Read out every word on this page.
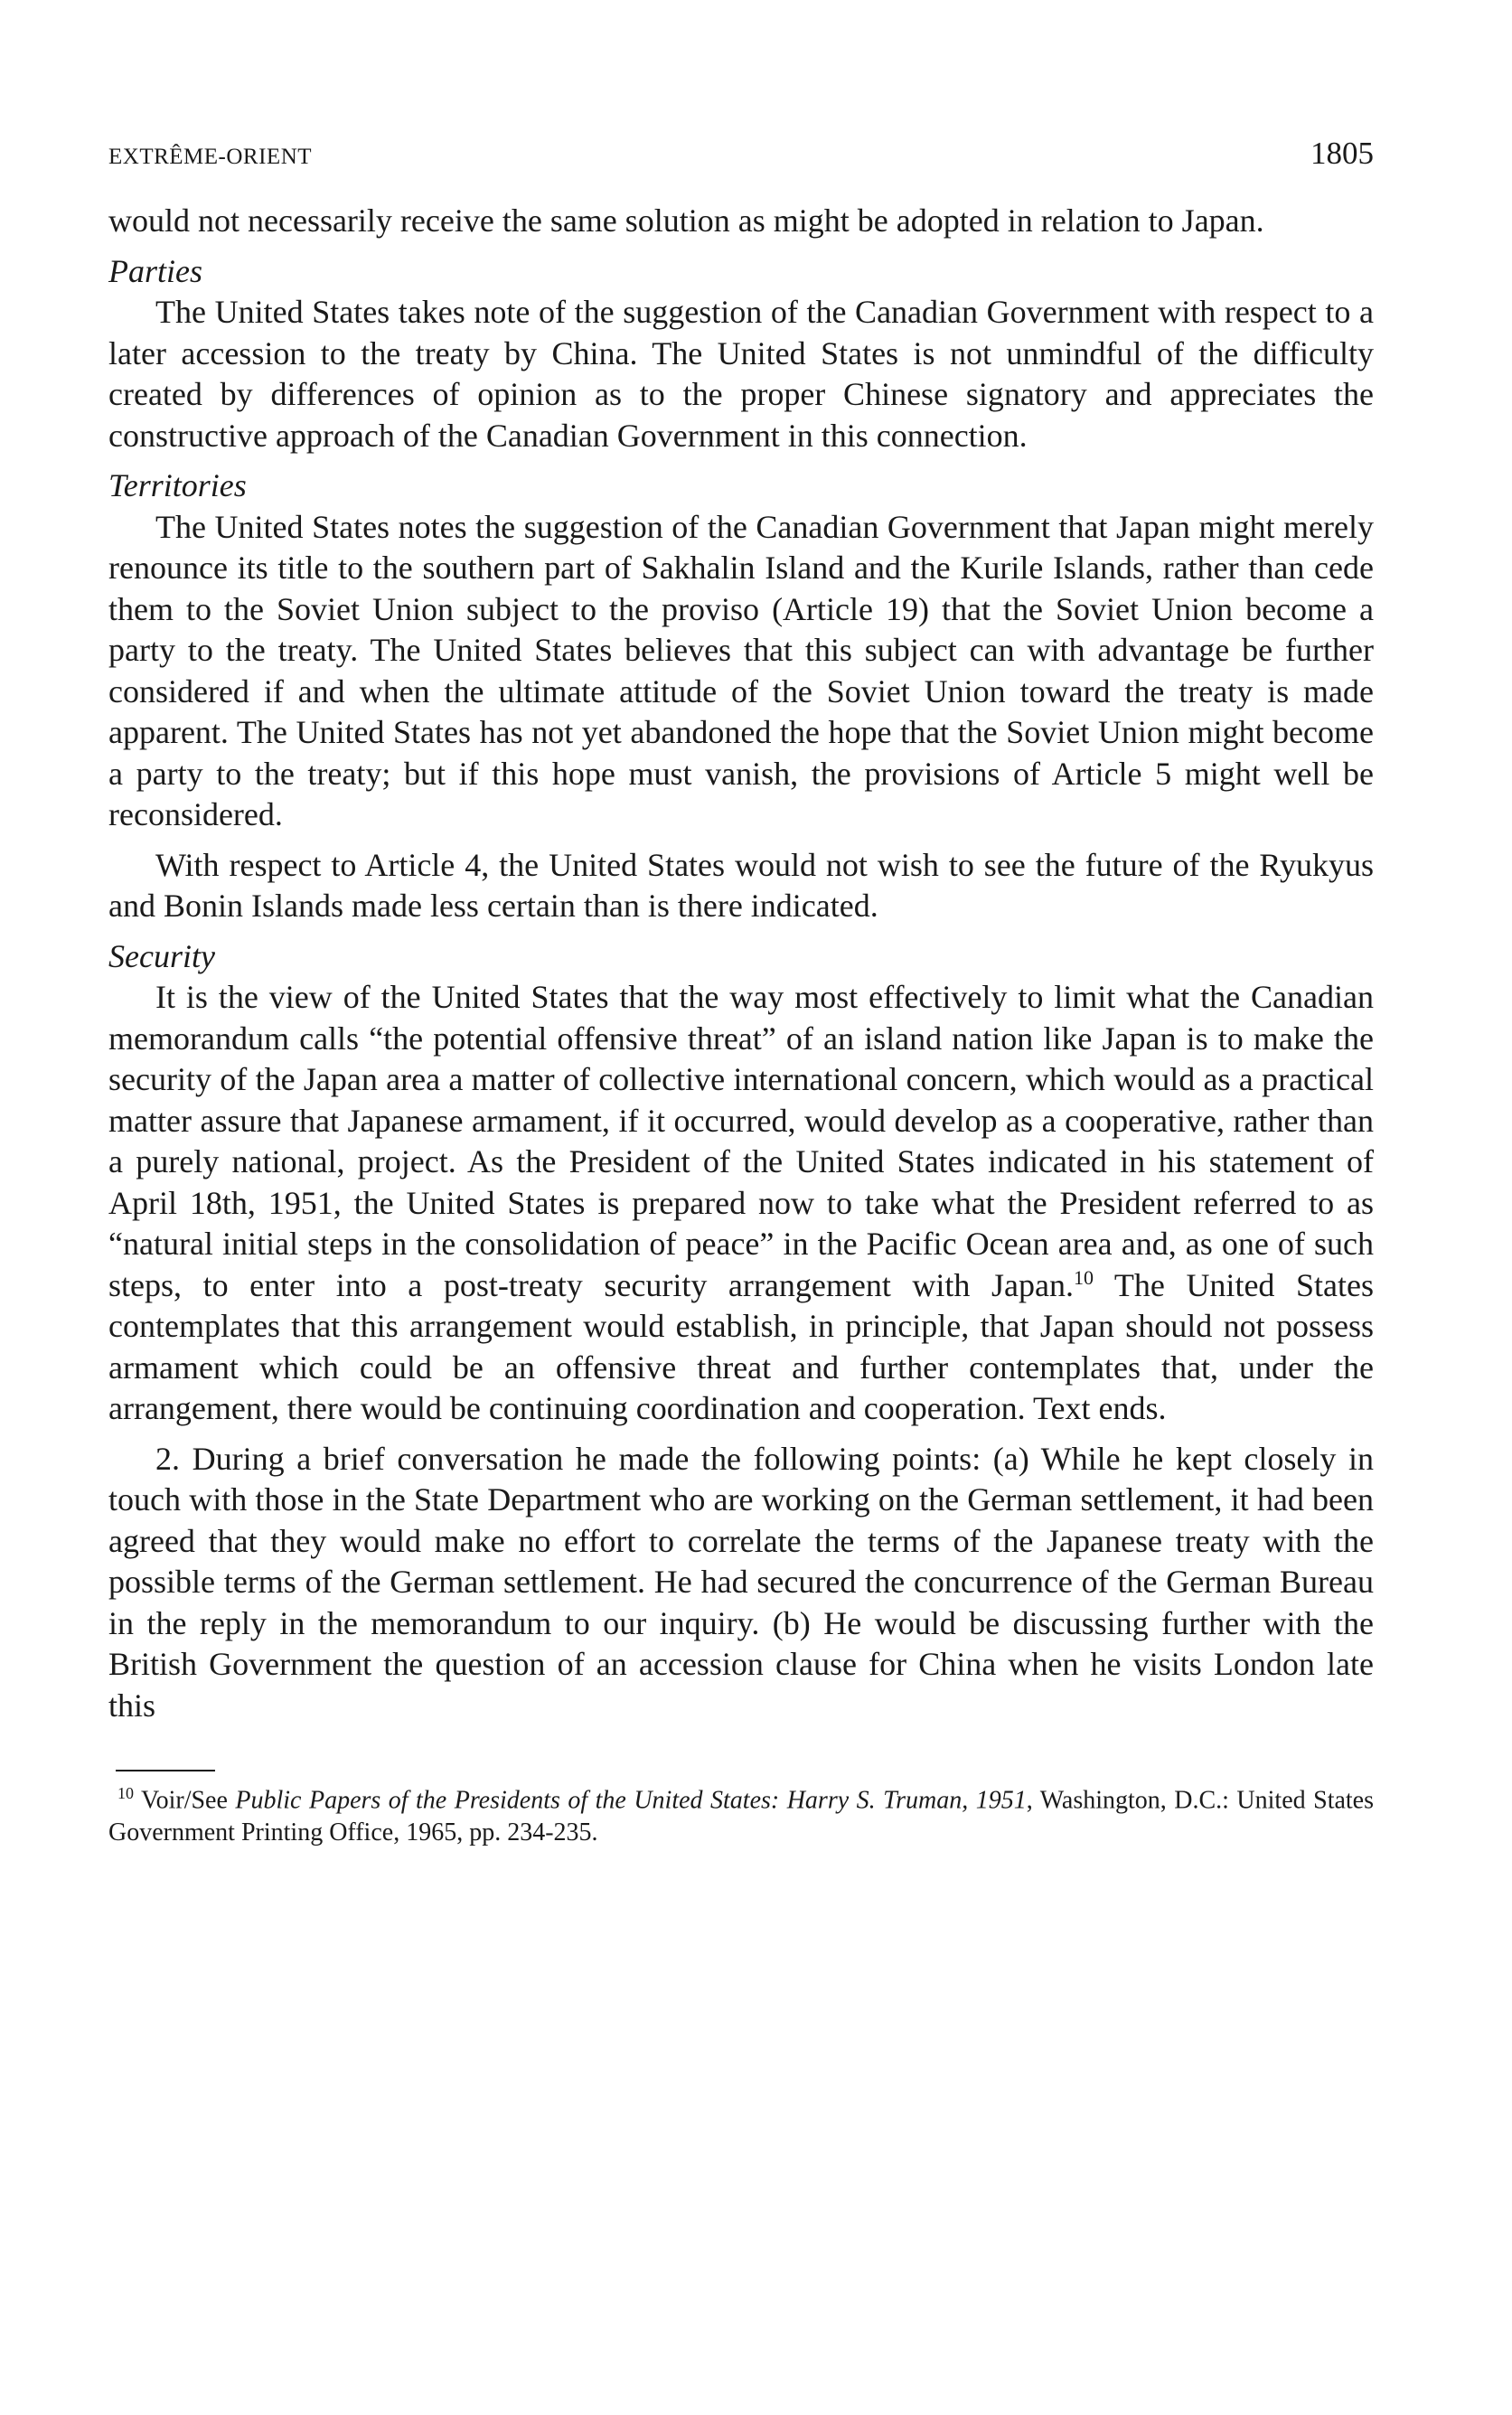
EXTRÊME-ORIENT	1805

would not necessarily receive the same solution as might be adopted in relation to Japan.

Parties

The United States takes note of the suggestion of the Canadian Government with respect to a later accession to the treaty by China. The United States is not unmindful of the difficulty created by differences of opinion as to the proper Chinese signatory and appreciates the constructive approach of the Canadian Government in this connection.

Territories

The United States notes the suggestion of the Canadian Government that Japan might merely renounce its title to the southern part of Sakhalin Island and the Kurile Islands, rather than cede them to the Soviet Union subject to the proviso (Article 19) that the Soviet Union become a party to the treaty. The United States believes that this subject can with advantage be further considered if and when the ultimate attitude of the Soviet Union toward the treaty is made apparent. The United States has not yet abandoned the hope that the Soviet Union might become a party to the treaty; but if this hope must vanish, the provisions of Article 5 might well be reconsidered.

With respect to Article 4, the United States would not wish to see the future of the Ryukyus and Bonin Islands made less certain than is there indicated.

Security

It is the view of the United States that the way most effectively to limit what the Canadian memorandum calls “the potential offensive threat” of an island nation like Japan is to make the security of the Japan area a matter of collective international concern, which would as a practical matter assure that Japanese armament, if it occurred, would develop as a cooperative, rather than a purely national, project. As the President of the United States indicated in his statement of April 18th, 1951, the United States is prepared now to take what the President referred to as “natural initial steps in the consolidation of peace” in the Pacific Ocean area and, as one of such steps, to enter into a post-treaty security arrangement with Japan.$^{10}$ The United States contemplates that this arrangement would establish, in principle, that Japan should not possess armament which could be an offensive threat and further contemplates that, under the arrangement, there would be continuing coordination and cooperation. Text ends.

2. During a brief conversation he made the following points: (a) While he kept closely in touch with those in the State Department who are working on the German settlement, it had been agreed that they would make no effort to correlate the terms of the Japanese treaty with the possible terms of the German settlement. He had secured the concurrence of the German Bureau in the reply in the memorandum to our inquiry. (b) He would be discussing further with the British Government the question of an accession clause for China when he visits London late this

$^{10}$ Voir/See Public Papers of the Presidents of the United States: Harry S. Truman, 1951, Washington, D.C.: United States Government Printing Office, 1965, pp. 234-235.
